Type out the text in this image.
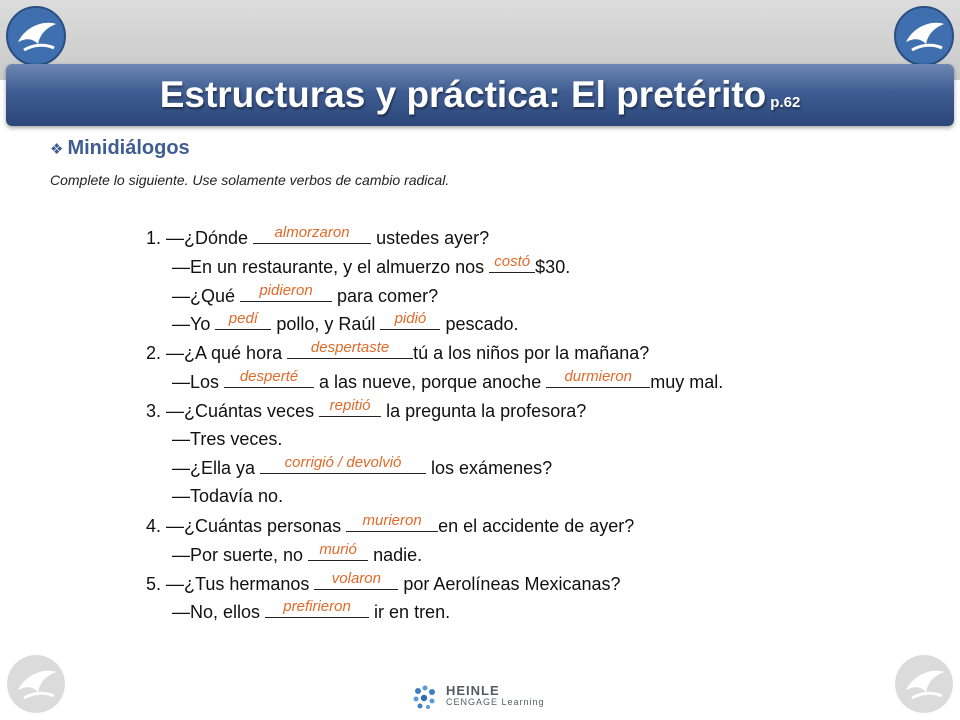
Estructuras y práctica: El pretérito p.62
❖ Minidiálogos
Complete lo siguiente. Use solamente verbos de cambio radical.
1. —¿Dónde	almorzaron	ustedes ayer?
—En un restaurante, y el almuerzo nos costó $30.
—¿Qué	pidieron	para comer?
—Yo pedí pollo, y Raúl pidió pescado.
2. —¿A qué hora	despertaste	tú a los niños por la mañana?
—Los	desperté a las nueve, porque anoche	durmieron	muy mal.
3. —¿Cuántas veces repitió la pregunta la profesora?
—Tres veces.
—¿Ella ya	corrigió / devolvió	los exámenes?
—Todavía no.
4. —¿Cuántas personas	murieron en el accidente de ayer?
—Por suerte, no murió nadie.
5. —¿Tus hermanos	volaron por Aerolíneas Mexicanas?
—No, ellos	prefirieron	ir en tren.
HEINLE
CENGAGE Learning
